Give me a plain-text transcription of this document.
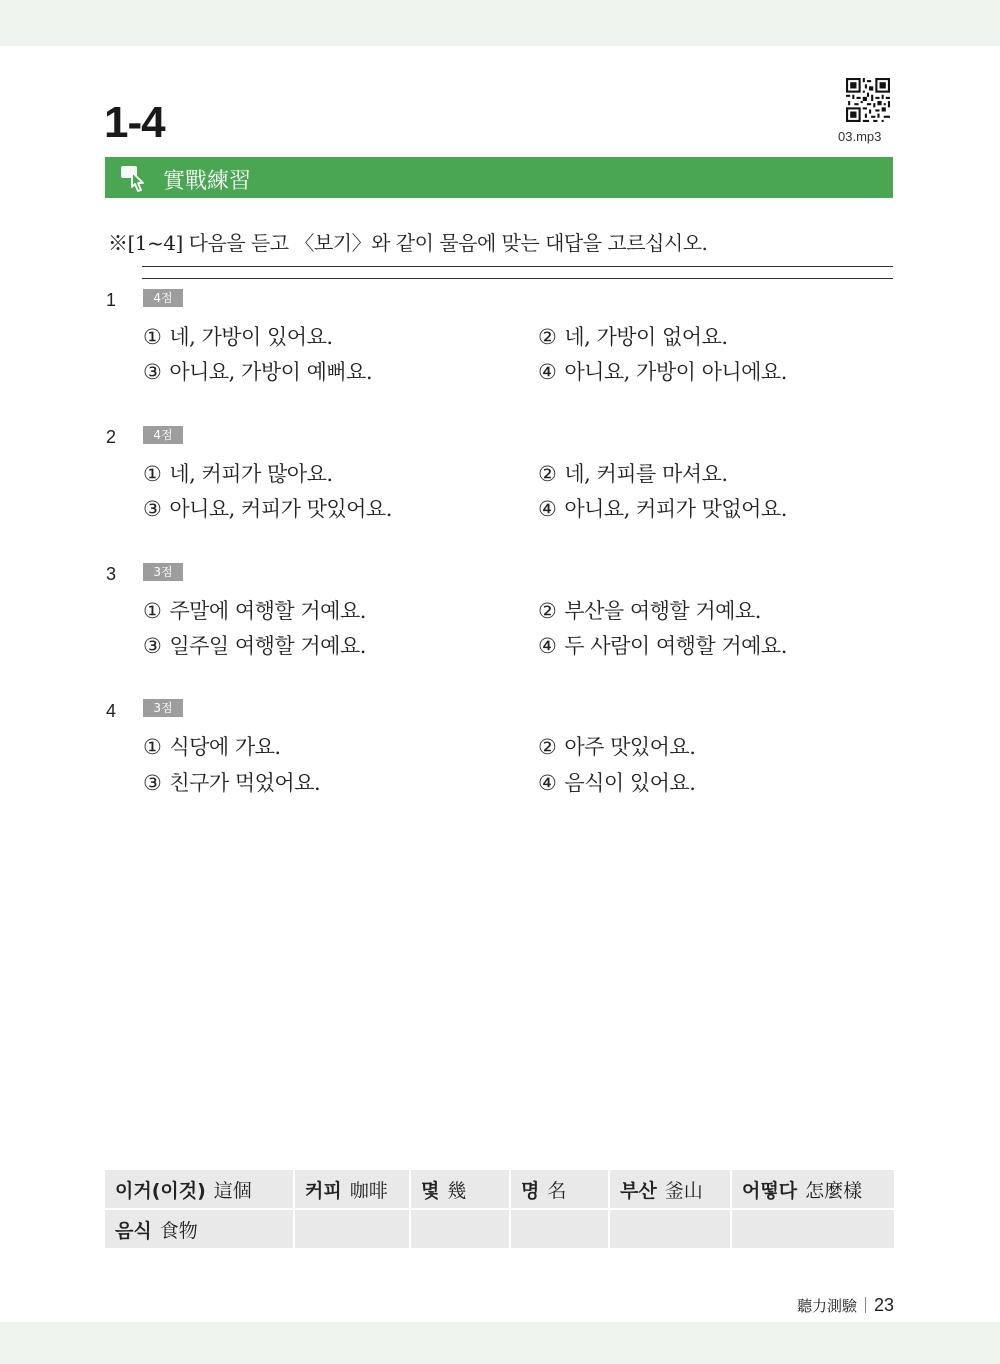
1-4	03.mp3
實戰練習
※[1~4] 다음을 듣고 〈보기〉와 같이 물음에 맞는 대답을 고르십시오.
1	4점
① 네, 가방이 있어요.	② 네, 가방이 없어요.
③ 아니요, 가방이 예뻐요.	④ 아니요, 가방이 아니에요.
2	4점
① 네, 커피가 많아요.	② 네, 커피를 마셔요.
③ 아니요, 커피가 맛있어요.	④ 아니요, 커피가 맛없어요.
3	3점
① 주말에 여행할 거예요.	② 부산을 여행할 거예요.
③ 일주일 여행할 거예요.	④ 두 사람이 여행할 거예요.
4	3점
① 식당에 가요.	② 아주 맛있어요.
③ 친구가 먹었어요.	④ 음식이 있어요.
이거(이것) 這個	커피 咖啡	몇 幾	명 名	부산 釜山	어떻다 怎麼樣
음식 食物					
聽力測驗 23
